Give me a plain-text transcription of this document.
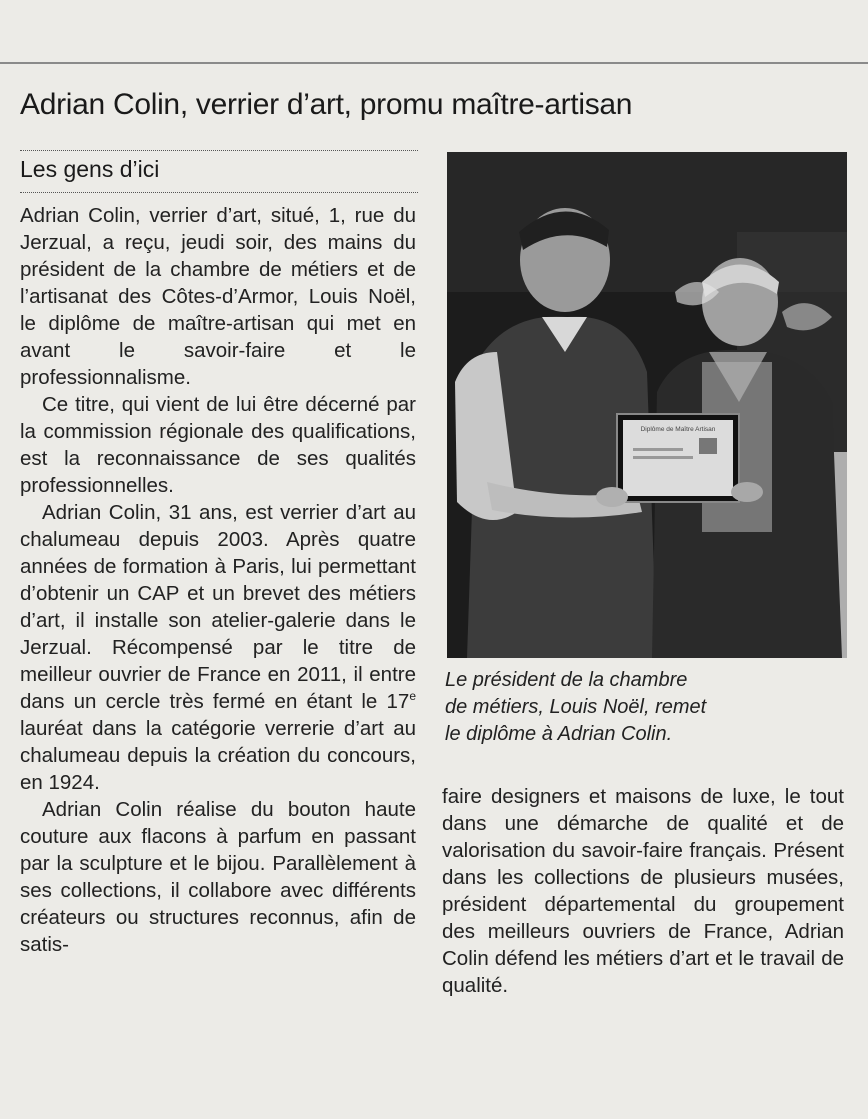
Adrian Colin, verrier d’art, promu maître-artisan
Les gens d’ici

Adrian Colin, verrier d’art, situé, 1, rue du Jerzual, a reçu, jeudi soir, des mains du président de la chambre de métiers et de l’artisanat des Côtes-d’Armor, Louis Noël, le diplôme de maître-artisan qui met en avant le savoir-faire et le professionnalisme.

Ce titre, qui vient de lui être décerné par la commission régionale des qualifications, est la reconnaissance de ses qualités professionnelles.

Adrian Colin, 31 ans, est verrier d’art au chalumeau depuis 2003. Après quatre années de formation à Paris, lui permettant d’obtenir un CAP et un brevet des métiers d’art, il installe son atelier-galerie dans le Jerzual. Récompensé par le titre de meilleur ouvrier de France en 2011, il entre dans un cercle très fermé en étant le 17e lauréat dans la catégorie verrerie d’art au chalumeau depuis la création du concours, en 1924.

Adrian Colin réalise du bouton haute couture aux flacons à parfum en passant par la sculpture et le bijou. Parallèlement à ses collections, il collabore avec différents créateurs ou structures reconnus, afin de satis-

Diplôme de Maître Artisan
Le président de la chambre
de métiers, Louis Noël, remet
le diplôme à Adrian Colin.

faire designers et maisons de luxe, le tout dans une démarche de qualité et de valorisation du savoir-faire français. Présent dans les collections de plusieurs musées, président départemental du groupement des meilleurs ouvriers de France, Adrian Colin défend les métiers d’art et le travail de qualité.
